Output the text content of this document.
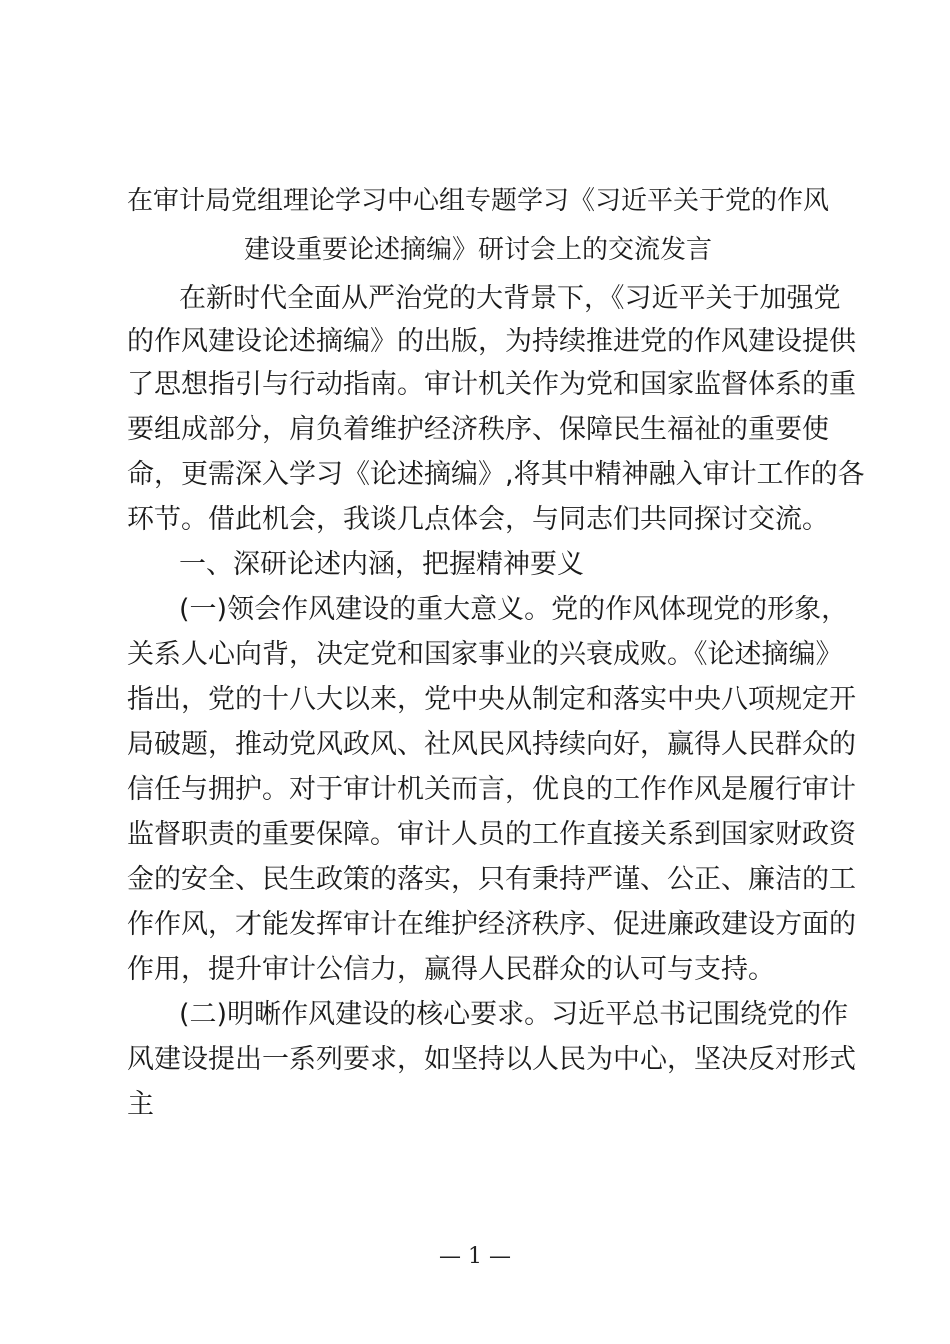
在审计局党组理论学习中心组专题学习《习近平关于党的作风
建设重要论述摘编》研讨会上的交流发言
在新时代全面从严治党的大背景下，《习近平关于加强党
的作风建设论述摘编》的出版，为持续推进党的作风建设提供
了思想指引与行动指南。审计机关作为党和国家监督体系的重
要组成部分，肩负着维护经济秩序、保障民生福祉的重要使
命，更需深入学习《论述摘编》,将其中精神融入审计工作的各
环节。借此机会，我谈几点体会，与同志们共同探讨交流。
一、深研论述内涵，把握精神要义
(一)领会作风建设的重大意义。党的作风体现党的形象，
关系人心向背，决定党和国家事业的兴衰成败。《论述摘编》
指出，党的十八大以来，党中央从制定和落实中央八项规定开
局破题，推动党风政风、社风民风持续向好，赢得人民群众的
信任与拥护。对于审计机关而言，优良的工作作风是履行审计
监督职责的重要保障。审计人员的工作直接关系到国家财政资
金的安全、民生政策的落实，只有秉持严谨、公正、廉洁的工
作作风，才能发挥审计在维护经济秩序、促进廉政建设方面的
作用，提升审计公信力，赢得人民群众的认可与支持。
(二)明晰作风建设的核心要求。习近平总书记围绕党的作
风建设提出一系列要求，如坚持以人民为中心，坚决反对形式
主
— 1 —
